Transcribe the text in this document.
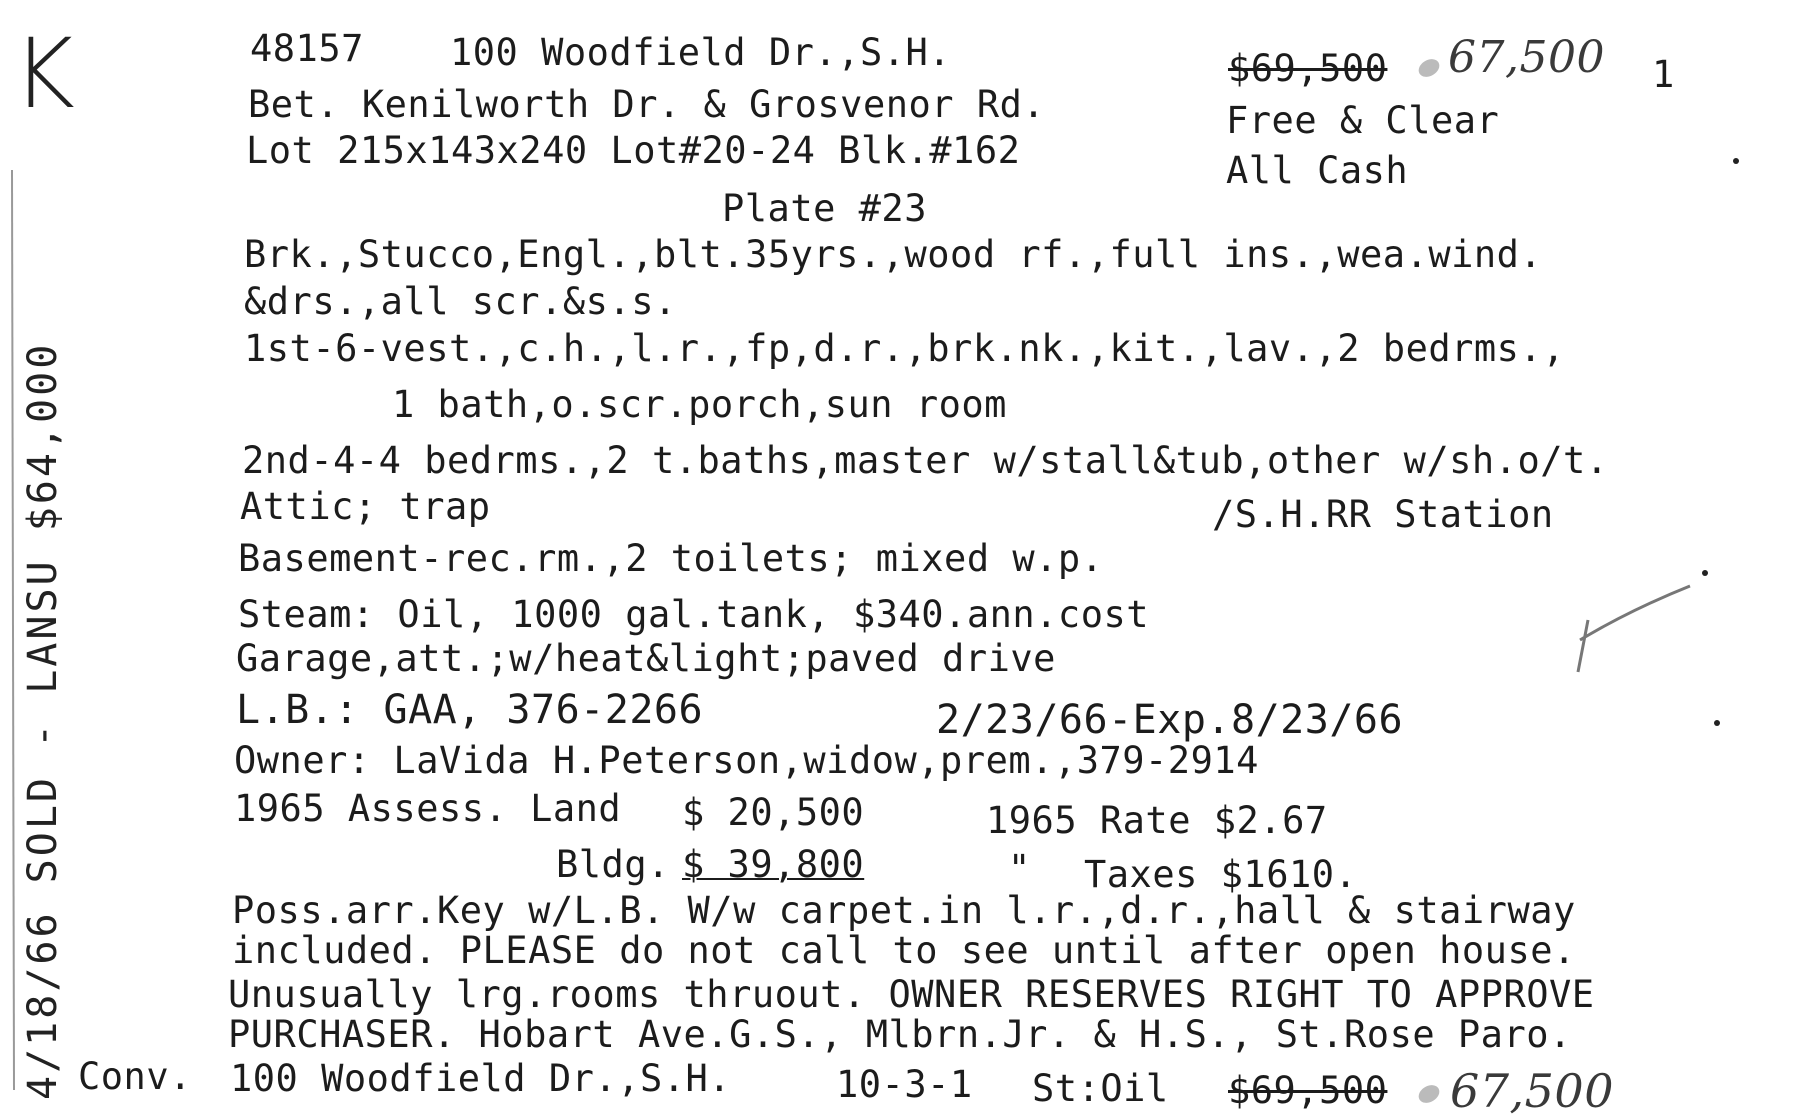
K
4/18/66 SOLD - LANSU $64,000
48157 100 Woodfield Dr.,S.H.	$69,500 67,500 1
Bet. Kenilworth Dr. & Grosvenor Rd.	Free & Clear
Lot 215x143x240 Lot#20-24 Blk.#162	All Cash
Plate #23
Brk.,Stucco,Engl.,blt.35yrs.,wood rf.,full ins.,wea.wind.
&drs.,all scr.&s.s.
1st-6-vest.,c.h.,l.r.,fp,d.r.,brk.nk.,kit.,lav.,2 bedrms.,
1 bath,o.scr.porch,sun room
2nd-4-4 bedrms.,2 t.baths,master w/stall&tub,other w/sh.o/t.
Attic; trap	/S.H.RR Station
Basement-rec.rm.,2 toilets; mixed w.p.
Steam: Oil, 1000 gal.tank, $340.ann.cost
Garage,att.;w/heat&light;paved drive
L.B.: GAA, 376-2266	2/23/66-Exp.8/23/66
Owner: LaVida H.Peterson,widow,prem.,379-2914
1965 Assess. Land $ 20,500	1965 Rate $2.67
Bldg. $ 39,800	" Taxes $1610.
Poss.arr.Key w/L.B. W/w carpet.in l.r.,d.r.,hall & stairway
included. PLEASE do not call to see until after open house.
Unusually lrg.rooms thruout. OWNER RESERVES RIGHT TO APPROVE
PURCHASER. Hobart Ave.G.S., Mlbrn.Jr. & H.S., St.Rose Paro.
Conv. 100 Woodfield Dr.,S.H.	10-3-1 St:Oil $69,500 67,500
